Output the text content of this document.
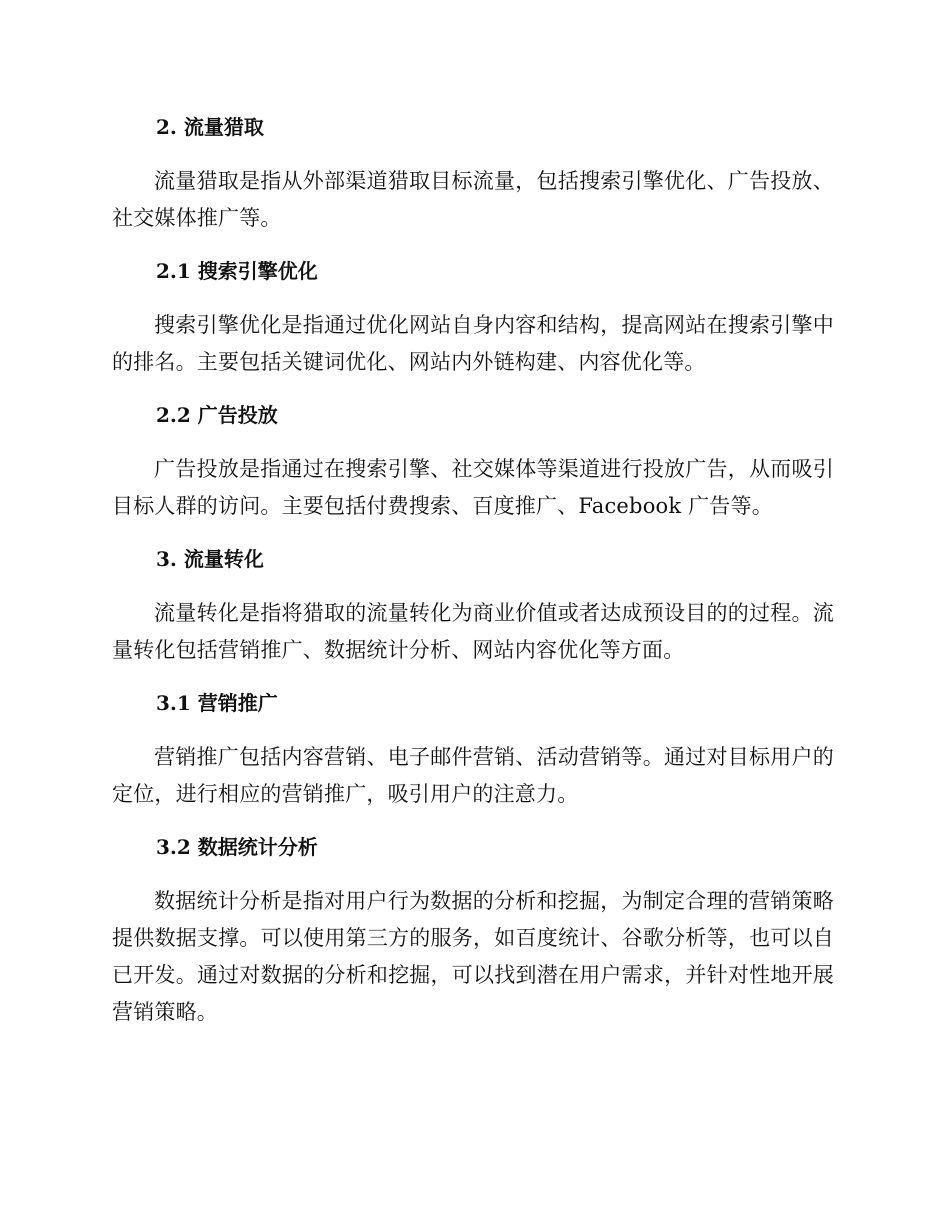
2. 流量猎取

流量猎取是指从外部渠道猎取目标流量，包括搜索引擎优化、广告投放、社交媒体推广等。

2.1 搜索引擎优化

搜索引擎优化是指通过优化网站自身内容和结构，提高网站在搜索引擎中的排名。主要包括关键词优化、网站内外链构建、内容优化等。

2.2 广告投放

广告投放是指通过在搜索引擎、社交媒体等渠道进行投放广告，从而吸引目标人群的访问。主要包括付费搜索、百度推广、Facebook 广告等。

3. 流量转化

流量转化是指将猎取的流量转化为商业价值或者达成预设目的的过程。流量转化包括营销推广、数据统计分析、网站内容优化等方面。

3.1 营销推广

营销推广包括内容营销、电子邮件营销、活动营销等。通过对目标用户的定位，进行相应的营销推广，吸引用户的注意力。

3.2 数据统计分析

数据统计分析是指对用户行为数据的分析和挖掘，为制定合理的营销策略提供数据支撑。可以使用第三方的服务，如百度统计、谷歌分析等，也可以自已开发。通过对数据的分析和挖掘，可以找到潜在用户需求，并针对性地开展营销策略。
